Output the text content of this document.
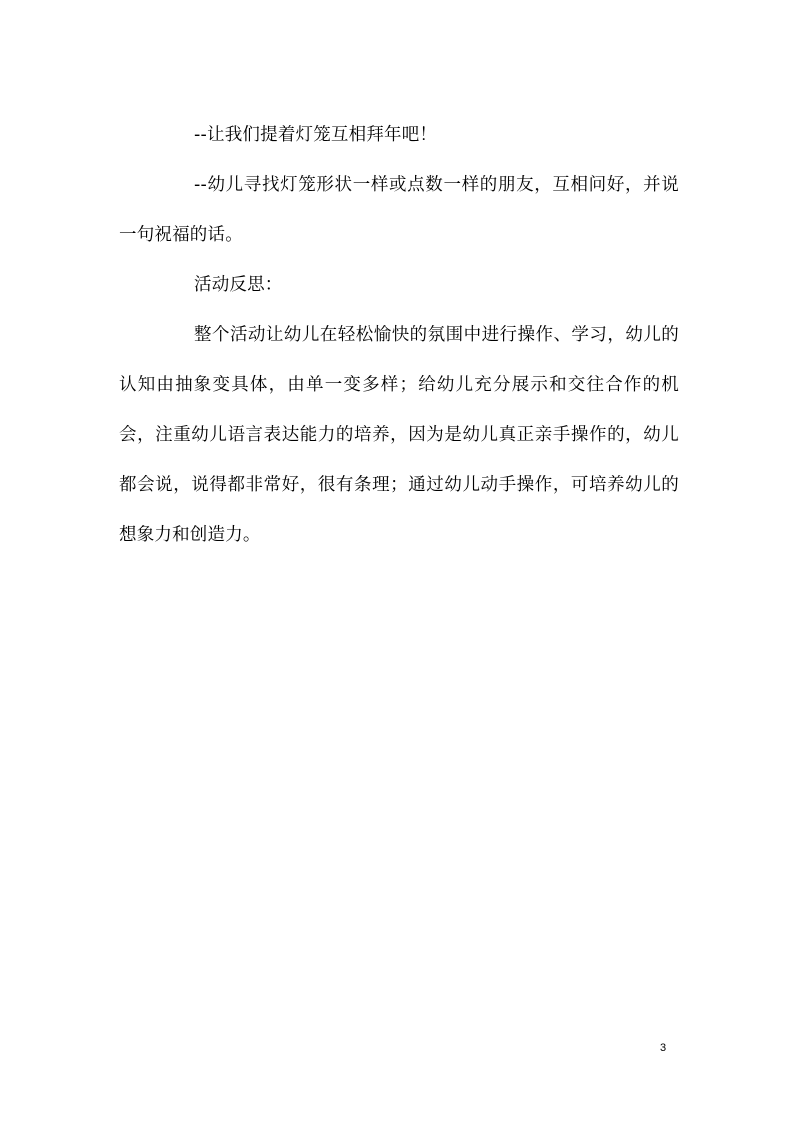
--让我们提着灯笼互相拜年吧！

--幼儿寻找灯笼形状一样或点数一样的朋友，互相问好，并说一句祝福的话。

活动反思：

整个活动让幼儿在轻松愉快的氛围中进行操作、学习，幼儿的认知由抽象变具体，由单一变多样；给幼儿充分展示和交往合作的机会，注重幼儿语言表达能力的培养，因为是幼儿真正亲手操作的，幼儿都会说，说得都非常好，很有条理；通过幼儿动手操作，可培养幼儿的想象力和创造力。

3
